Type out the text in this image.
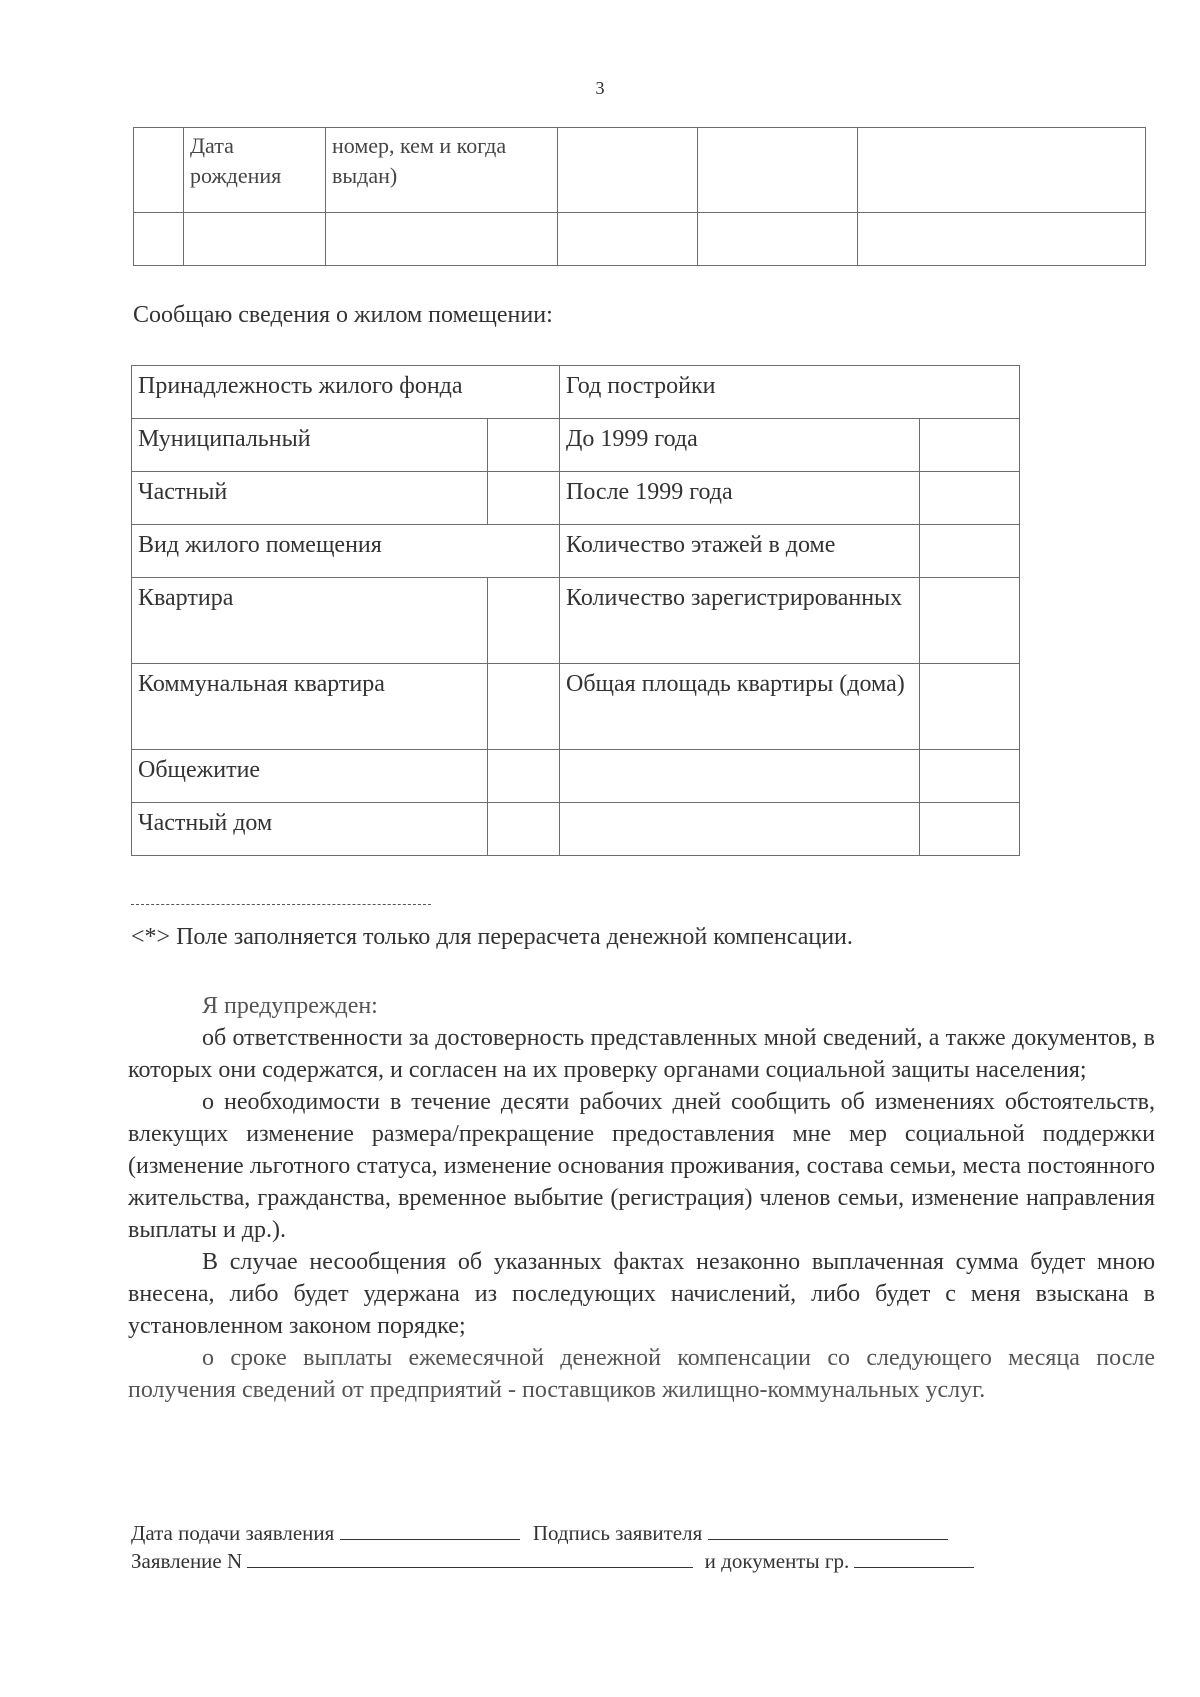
3
	Дата рождения	номер, кем и когда выдан)			

Сообщаю сведения о жилом помещении:
Принадлежность жилого фонда		Год постройки	
Муниципальный		До 1999 года	
Частный		После 1999 года	
Вид жилого помещения		Количество этажей в доме	
Квартира		Количество зарегистрированных	
Коммунальная квартира		Общая площадь квартиры (дома)	
Общежитие			
Частный дом			
<*> Поле заполняется только для перерасчета денежной компенсации.

Я предупрежден:

об ответственности за достоверность представленных мной сведений, а также документов, в которых они содержатся, и согласен на их проверку органами социальной защиты населения;

о необходимости в течение десяти рабочих дней сообщить об изменениях обстоятельств, влекущих изменение размера/прекращение предоставления мне мер социальной поддержки (изменение льготного статуса, изменение основания проживания, состава семьи, места постоянного жительства, гражданства, временное выбытие (регистрация) членов семьи, изменение направления выплаты и др.).

В случае несообщения об указанных фактах незаконно выплаченная сумма будет мною внесена, либо будет удержана из последующих начислений, либо будет с меня взыскана в установленном законом порядке;

о сроке выплаты ежемесячной денежной компенсации со следующего месяца после получения сведений от предприятий - поставщиков жилищно-коммунальных услуг.

Дата подачи заявления	Подпись заявителя
Заявление N	и документы гр.
